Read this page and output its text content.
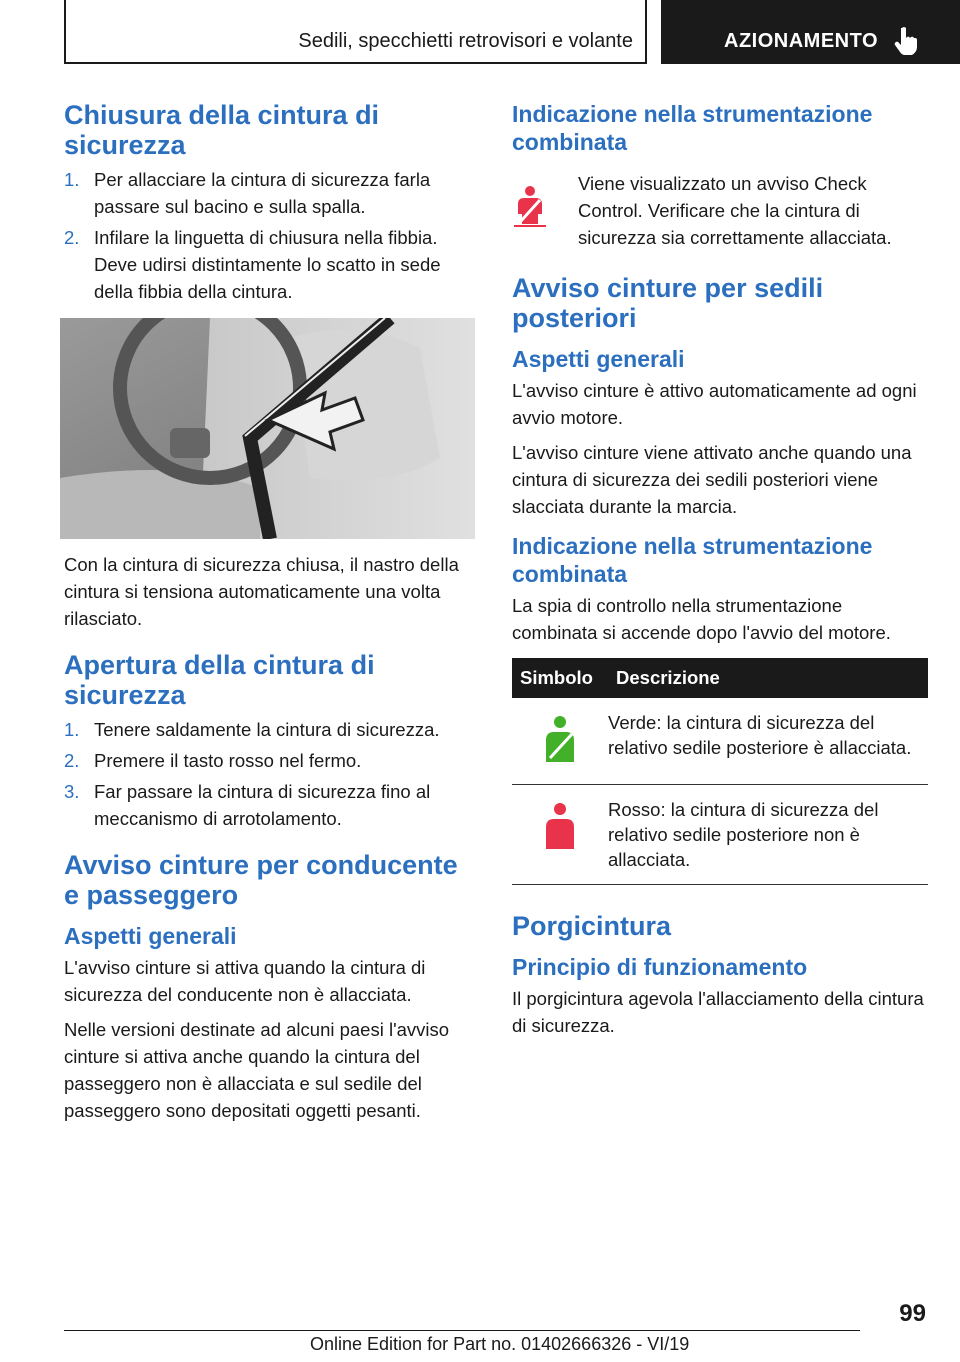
Sedili, specchietti retrovisori e volante	AZIONAMENTO
Chiusura della cintura di sicurezza
1. Per allacciare la cintura di sicurezza farla passare sul bacino e sulla spalla.
2. Infilare la linguetta di chiusura nella fibbia. Deve udirsi distintamente lo scatto in sede della fibbia della cintura.

Con la cintura di sicurezza chiusa, il nastro della cintura si tensiona automaticamente una volta rilasciato.

Apertura della cintura di sicurezza
1. Tenere saldamente la cintura di sicurezza.
2. Premere il tasto rosso nel fermo.
3. Far passare la cintura di sicurezza fino al meccanismo di arrotolamento.
Avviso cinture per conducente e passeggero
Aspetti generali

L'avviso cinture si attiva quando la cintura di sicurezza del conducente non è allacciata.

Nelle versioni destinate ad alcuni paesi l'avviso cinture si attiva anche quando la cintura del passeggero non è allacciata e sul sedile del passeggero sono depositati oggetti pesanti.

Indicazione nella strumentazione combinata

Viene visualizzato un avviso Check Control. Verificare che la cintura di sicurezza sia correttamente allacciata.

Avviso cinture per sedili posteriori
Aspetti generali

L'avviso cinture è attivo automaticamente ad ogni avvio motore.

L'avviso cinture viene attivato anche quando una cintura di sicurezza dei sedili posteriori viene slacciata durante la marcia.

Indicazione nella strumentazione combinata

La spia di controllo nella strumentazione combinata si accende dopo l'avvio del motore.

Simbolo	Descrizione
	Verde: la cintura di sicurezza del relativo sedile posteriore è allacciata.
	Rosso: la cintura di sicurezza del relativo sedile posteriore non è allacciata.
Porgicintura
Principio di funzionamento

Il porgicintura agevola l'allacciamento della cintura di sicurezza.

99
Online Edition for Part no. 01402666326 - VI/19
